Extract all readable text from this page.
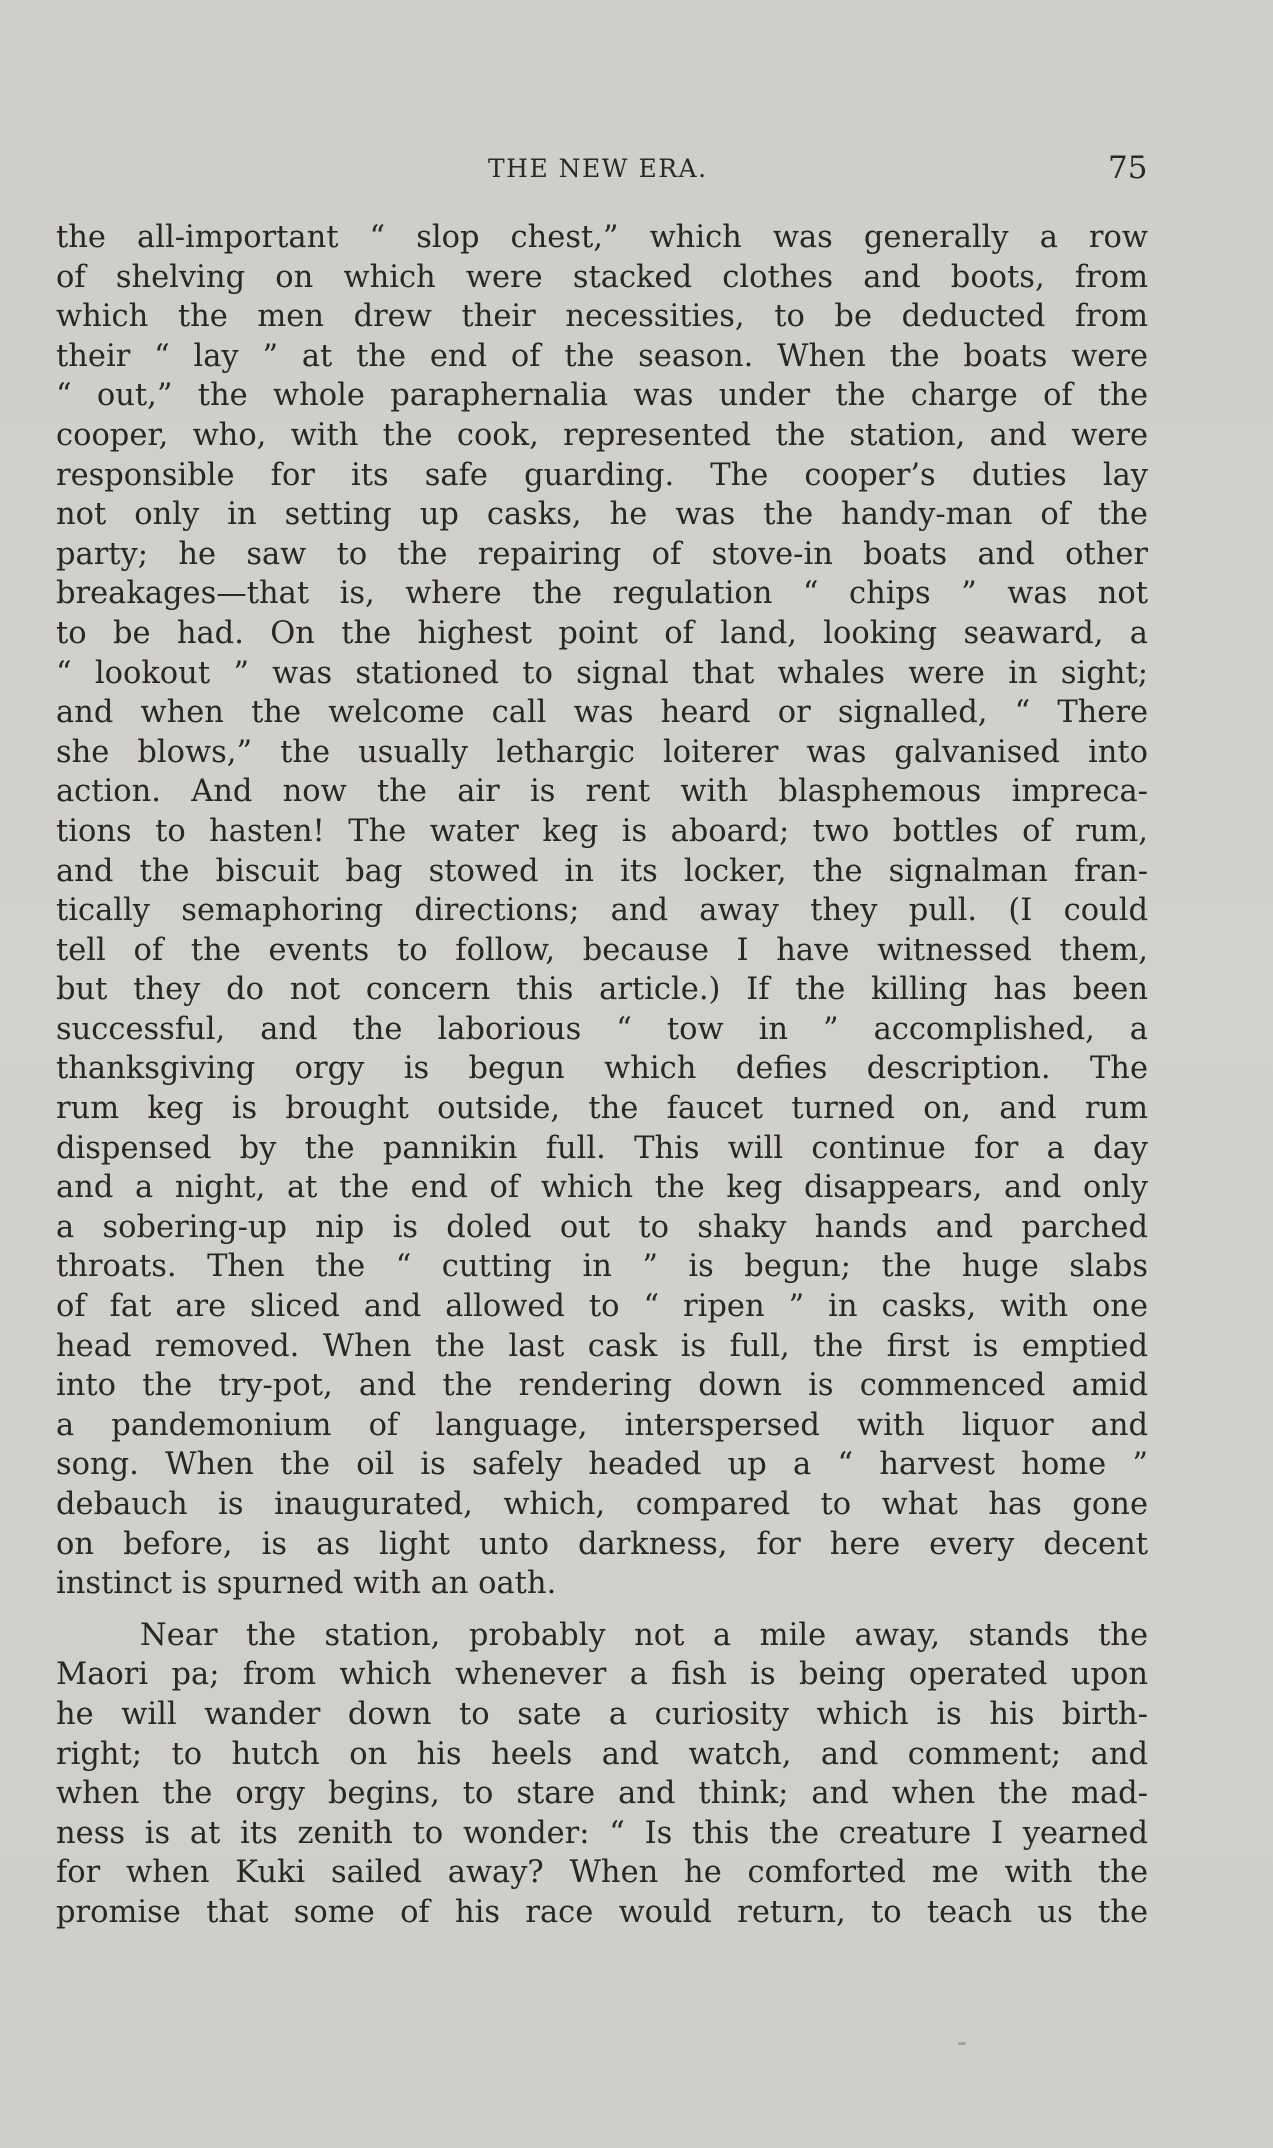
THE NEW ERA.	75

the all-important “ slop chest,” which was generally a row
of shelving on which were stacked clothes and boots, from
which the men drew their necessities, to be deducted from
their “ lay ” at the end of the season. When the boats were
“ out,” the whole paraphernalia was under the charge of the
cooper, who, with the cook, represented the station, and were
responsible for its safe guarding. The cooper’s duties lay
not only in setting up casks, he was the handy-man of the
party; he saw to the repairing of stove-in boats and other
breakages—that is, where the regulation “ chips ” was not
to be had. On the highest point of land, looking seaward, a
“ lookout ” was stationed to signal that whales were in sight;
and when the welcome call was heard or signalled, “ There
she blows,” the usually lethargic loiterer was galvanised into
action. And now the air is rent with blasphemous impreca-
tions to hasten! The water keg is aboard; two bottles of rum,
and the biscuit bag stowed in its locker, the signalman fran-
tically semaphoring directions; and away they pull. (I could
tell of the events to follow, because I have witnessed them,
but they do not concern this article.) If the killing has been
successful, and the laborious “ tow in ” accomplished, a
thanksgiving orgy is begun which defies description. The
rum keg is brought outside, the faucet turned on, and rum
dispensed by the pannikin full. This will continue for a day
and a night, at the end of which the keg disappears, and only
a sobering-up nip is doled out to shaky hands and parched
throats. Then the “ cutting in ” is begun; the huge slabs
of fat are sliced and allowed to “ ripen ” in casks, with one
head removed. When the last cask is full, the first is emptied
into the try-pot, and the rendering down is commenced amid
a pandemonium of language, interspersed with liquor and
song. When the oil is safely headed up a “ harvest home ”
debauch is inaugurated, which, compared to what has gone
on before, is as light unto darkness, for here every decent
instinct is spurned with an oath.

Near the station, probably not a mile away, stands the
Maori pa; from which whenever a fish is being operated upon
he will wander down to sate a curiosity which is his birth-
right; to hutch on his heels and watch, and comment; and
when the orgy begins, to stare and think; and when the mad-
ness is at its zenith to wonder: “ Is this the creature I yearned
for when Kuki sailed away? When he comforted me with the
promise that some of his race would return, to teach us the
